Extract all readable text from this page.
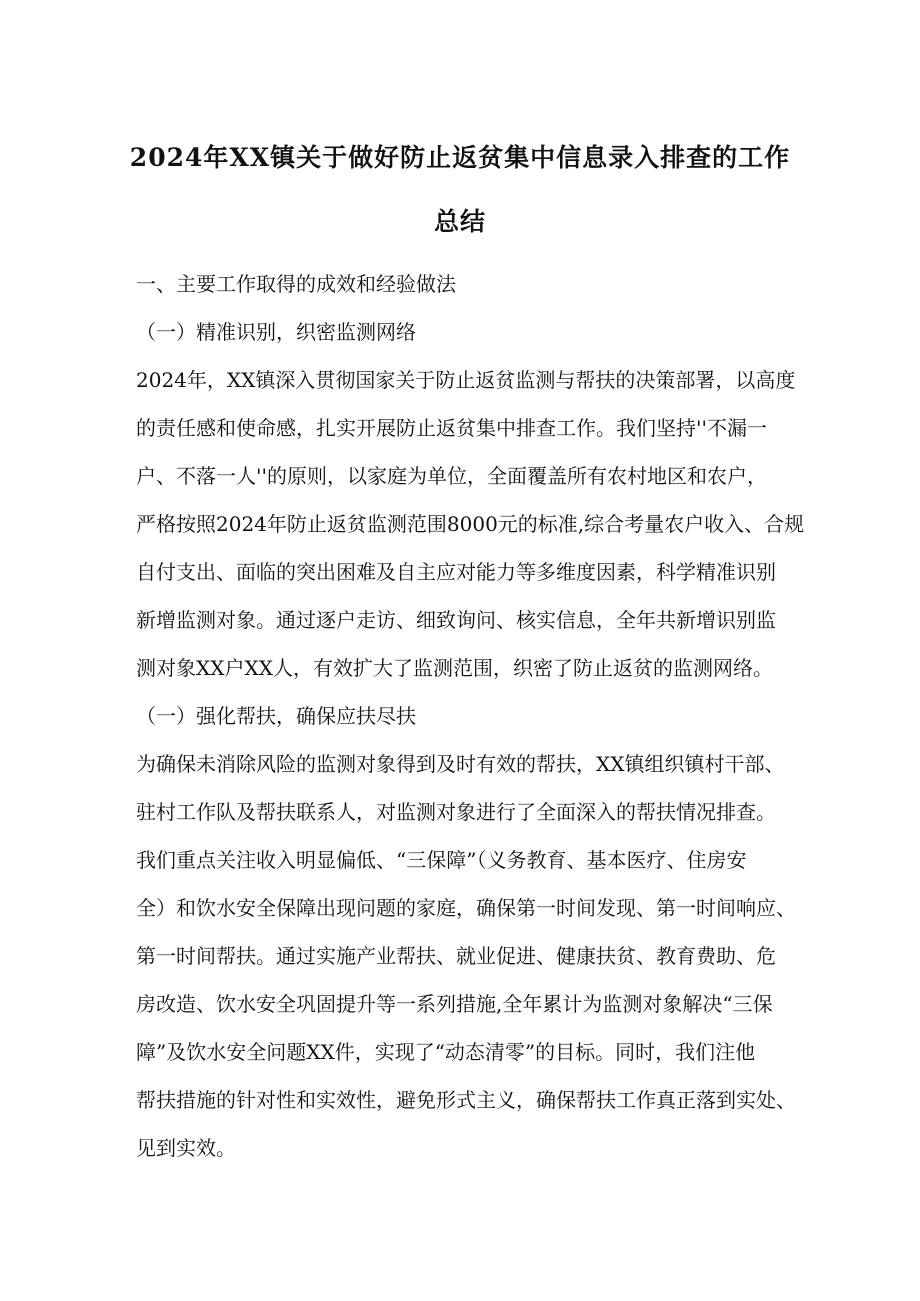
2024年XX镇关于做好防止返贫集中信息录入排查的工作总结
一、主要工作取得的成效和经验做法
（一）精准识别，织密监测网络
2024年，XX镇深入贯彻国家关于防止返贫监测与帮扶的决策部署，以高度
的责任感和使命感，扎实开展防止返贫集中排查工作。我们坚持''不漏一
户、不落一人''的原则，以家庭为单位，全面覆盖所有农村地区和农户，
严格按照2024年防止返贫监测范围8000元的标准,综合考量农户收入、合规
自付支出、面临的突出困难及自主应对能力等多维度因素，科学精准识别
新增监测对象。通过逐户走访、细致询问、核实信息，全年共新增识别监
测对象XX户XX人，有效扩大了监测范围，织密了防止返贫的监测网络。
（一）强化帮扶，确保应扶尽扶
为确保未消除风险的监测对象得到及时有效的帮扶，XX镇组织镇村干部、
驻村工作队及帮扶联系人，对监测对象进行了全面深入的帮扶情况排查。
我们重点关注收入明显偏低、“三保障”（义务教育、基本医疗、住房安
全）和饮水安全保障出现问题的家庭，确保第一时间发现、第一时间响应、
第一时间帮扶。通过实施产业帮扶、就业促进、健康扶贫、教育费助、危
房改造、饮水安全巩固提升等一系列措施,全年累计为监测对象解决“三保
障”及饮水安全问题XX件，实现了“动态清零”的目标。同时，我们注他
帮扶措施的针对性和实效性，避免形式主义，确保帮扶工作真正落到实处、
见到实效。
